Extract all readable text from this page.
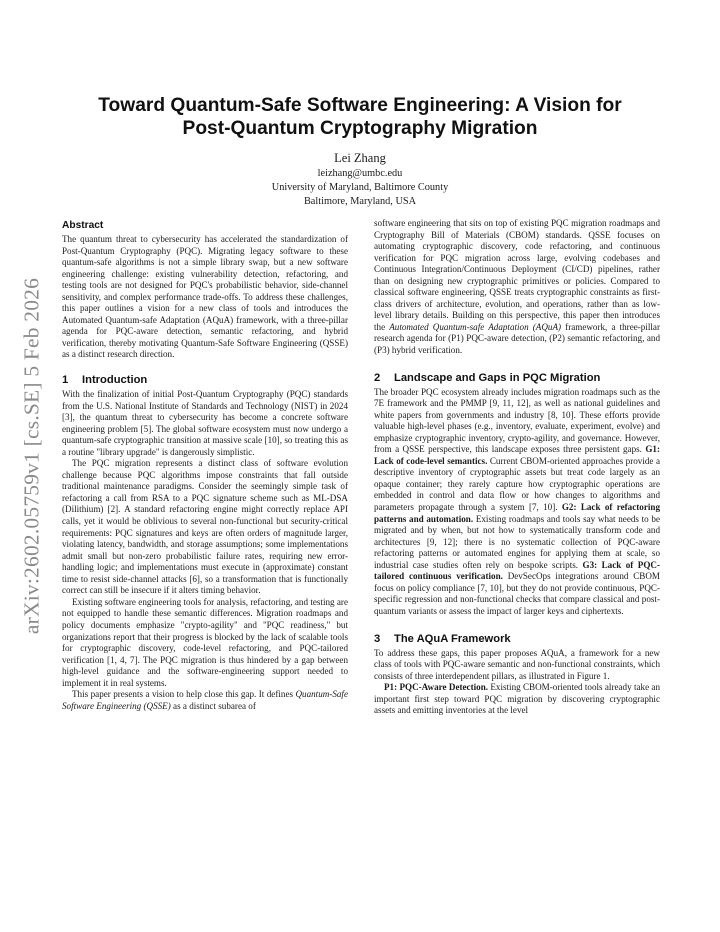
arXiv:2602.05759v1 [cs.SE] 5 Feb 2026
Toward Quantum-Safe Software Engineering: A Vision for
Post-Quantum Cryptography Migration
Lei Zhang
leizhang@umbc.edu
University of Maryland, Baltimore County
Baltimore, Maryland, USA
Abstract

The quantum threat to cybersecurity has accelerated the standardization of Post-Quantum Cryptography (PQC). Migrating legacy software to these quantum-safe algorithms is not a simple library swap, but a new software engineering challenge: existing vulnerability detection, refactoring, and testing tools are not designed for PQC's probabilistic behavior, side-channel sensitivity, and complex performance trade-offs. To address these challenges, this paper outlines a vision for a new class of tools and introduces the Automated Quantum-safe Adaptation (AQuA) framework, with a three-pillar agenda for PQC-aware detection, semantic refactoring, and hybrid verification, thereby motivating Quantum-Safe Software Engineering (QSSE) as a distinct research direction.

1 Introduction

With the finalization of initial Post-Quantum Cryptography (PQC) standards from the U.S. National Institute of Standards and Technology (NIST) in 2024 [3], the quantum threat to cybersecurity has become a concrete software engineering problem [5]. The global software ecosystem must now undergo a quantum-safe cryptographic transition at massive scale [10], so treating this as a routine "library upgrade" is dangerously simplistic.

The PQC migration represents a distinct class of software evolution challenge because PQC algorithms impose constraints that fall outside traditional maintenance paradigms. Consider the seemingly simple task of refactoring a call from RSA to a PQC signature scheme such as ML-DSA (Dilithium) [2]. A standard refactoring engine might correctly replace API calls, yet it would be oblivious to several non-functional but security-critical requirements: PQC signatures and keys are often orders of magnitude larger, violating latency, bandwidth, and storage assumptions; some implementations admit small but non-zero probabilistic failure rates, requiring new error-handling logic; and implementations must execute in (approximate) constant time to resist side-channel attacks [6], so a transformation that is functionally correct can still be insecure if it alters timing behavior.

Existing software engineering tools for analysis, refactoring, and testing are not equipped to handle these semantic differences. Migration roadmaps and policy documents emphasize "crypto-agility" and "PQC readiness," but organizations report that their progress is blocked by the lack of scalable tools for cryptographic discovery, code-level refactoring, and PQC-tailored verification [1, 4, 7]. The PQC migration is thus hindered by a gap between high-level guidance and the software-engineering support needed to implement it in real systems.

This paper presents a vision to help close this gap. It defines Quantum-Safe Software Engineering (QSSE) as a distinct subarea of

software engineering that sits on top of existing PQC migration roadmaps and Cryptography Bill of Materials (CBOM) standards. QSSE focuses on automating cryptographic discovery, code refactoring, and continuous verification for PQC migration across large, evolving codebases and Continuous Integration/Continuous Deployment (CI/CD) pipelines, rather than on designing new cryptographic primitives or policies. Compared to classical software engineering, QSSE treats cryptographic constraints as first-class drivers of architecture, evolution, and operations, rather than as low-level library details. Building on this perspective, this paper then introduces the Automated Quantum-safe Adaptation (AQuA) framework, a three-pillar research agenda for (P1) PQC-aware detection, (P2) semantic refactoring, and (P3) hybrid verification.

2 Landscape and Gaps in PQC Migration

The broader PQC ecosystem already includes migration roadmaps such as the 7E framework and the PMMP [9, 11, 12], as well as national guidelines and white papers from governments and industry [8, 10]. These efforts provide valuable high-level phases (e.g., inventory, evaluate, experiment, evolve) and emphasize cryptographic inventory, crypto-agility, and governance. However, from a QSSE perspective, this landscape exposes three persistent gaps. G1: Lack of code-level semantics. Current CBOM-oriented approaches provide a descriptive inventory of cryptographic assets but treat code largely as an opaque container; they rarely capture how cryptographic operations are embedded in control and data flow or how changes to algorithms and parameters propagate through a system [7, 10]. G2: Lack of refactoring patterns and automation. Existing roadmaps and tools say what needs to be migrated and by when, but not how to systematically transform code and architectures [9, 12]; there is no systematic collection of PQC-aware refactoring patterns or automated engines for applying them at scale, so industrial case studies often rely on bespoke scripts. G3: Lack of PQC-tailored continuous verification. DevSecOps integrations around CBOM focus on policy compliance [7, 10], but they do not provide continuous, PQC-specific regression and non-functional checks that compare classical and post-quantum variants or assess the impact of larger keys and ciphertexts.

3 The AQuA Framework

To address these gaps, this paper proposes AQuA, a framework for a new class of tools with PQC-aware semantic and non-functional constraints, which consists of three interdependent pillars, as illustrated in Figure 1.

P1: PQC-Aware Detection. Existing CBOM-oriented tools already take an important first step toward PQC migration by discovering cryptographic assets and emitting inventories at the level
